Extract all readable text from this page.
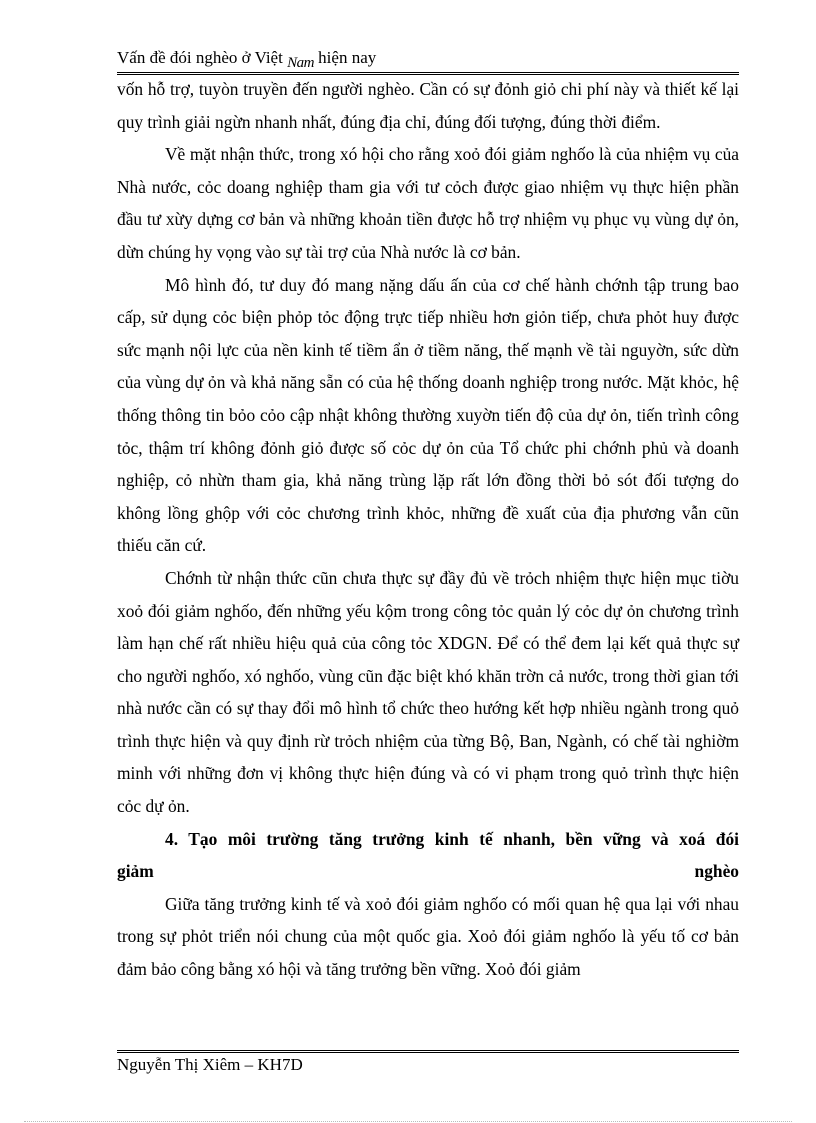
Vấn đề đói nghèo ở Việt Nam hiện nay

vốn hỗ trợ, tuyòn truyền đến người nghèo. Cần có sự đỏnh giỏ chi phí này và thiết kế lại quy trình giải ngừn nhanh nhất, đúng địa chỉ, đúng đối tượng, đúng thời điểm.

Về mặt nhận thức, trong xó hội cho rằng xoỏ đói giảm nghốo là của nhiệm vụ của Nhà nước, cỏc doang nghiệp tham gia với tư cỏch được giao nhiệm vụ thực hiện phần đầu tư xừy dựng cơ bản và những khoản tiền được hỗ trợ nhiệm vụ phục vụ vùng dự ỏn, dừn chúng hy vọng vào sự tài trợ của Nhà nước là cơ bản.

Mô hình đó, tư duy đó mang nặng dấu ấn của cơ chế hành chớnh tập trung bao cấp, sử dụng cỏc biện phỏp tỏc động trực tiếp nhiều hơn giỏn tiếp, chưa phỏt huy được sức mạnh nội lực của nền kinh tế tiềm ẩn ở tiềm năng, thế mạnh về tài nguyờn, sức dừn của vùng dự ỏn và khả năng sẵn có của hệ thống doanh nghiệp trong nước. Mặt khỏc, hệ thống thông tin bỏo cỏo cập nhật không thường xuyờn tiến độ của dự ỏn, tiến trình công tỏc, thậm trí không đỏnh giỏ được số cỏc dự ỏn của Tổ chức phi chớnh phủ và doanh nghiệp, cỏ nhừn tham gia, khả năng trùng lặp rất lớn đồng thời bỏ sót đối tượng do không lồng ghộp với cỏc chương trình khỏc, những đề xuất của địa phương vẫn cũn thiếu căn cứ.

Chớnh từ nhận thức cũn chưa thực sự đầy đủ về trỏch nhiệm thực hiện mục tiờu xoỏ đói giảm nghốo, đến những yếu kộm trong công tỏc quản lý cỏc dự ỏn chương trình làm hạn chế rất nhiều hiệu quả của công tỏc XDGN. Để có thể đem lại kết quả thực sự cho người nghốo, xó nghốo, vùng cũn đặc biệt khó khăn trờn cả nước, trong thời gian tới nhà nước cần có sự thay đổi mô hình tổ chức theo hướng kết hợp nhiều ngành trong quỏ trình thực hiện và quy định rừ trỏch nhiệm của từng Bộ, Ban, Ngành, có chế tài nghiờm minh với những đơn vị không thực hiện đúng và có vi phạm trong quỏ trình thực hiện cỏc dự ỏn.

4. Tạo môi trường tăng trưởng kinh tế nhanh, bền vững và xoá đói

giảm	nghèo

Giữa tăng trưởng kinh tế và xoỏ đói giảm nghốo có mối quan hệ qua lại với nhau trong sự phỏt triển nói chung của một quốc gia. Xoỏ đói giảm nghốo là yếu tố cơ bản đảm bảo công bằng xó hội và tăng trưởng bền vững. Xoỏ đói giảm

Nguyễn Thị Xiêm – KH7D
